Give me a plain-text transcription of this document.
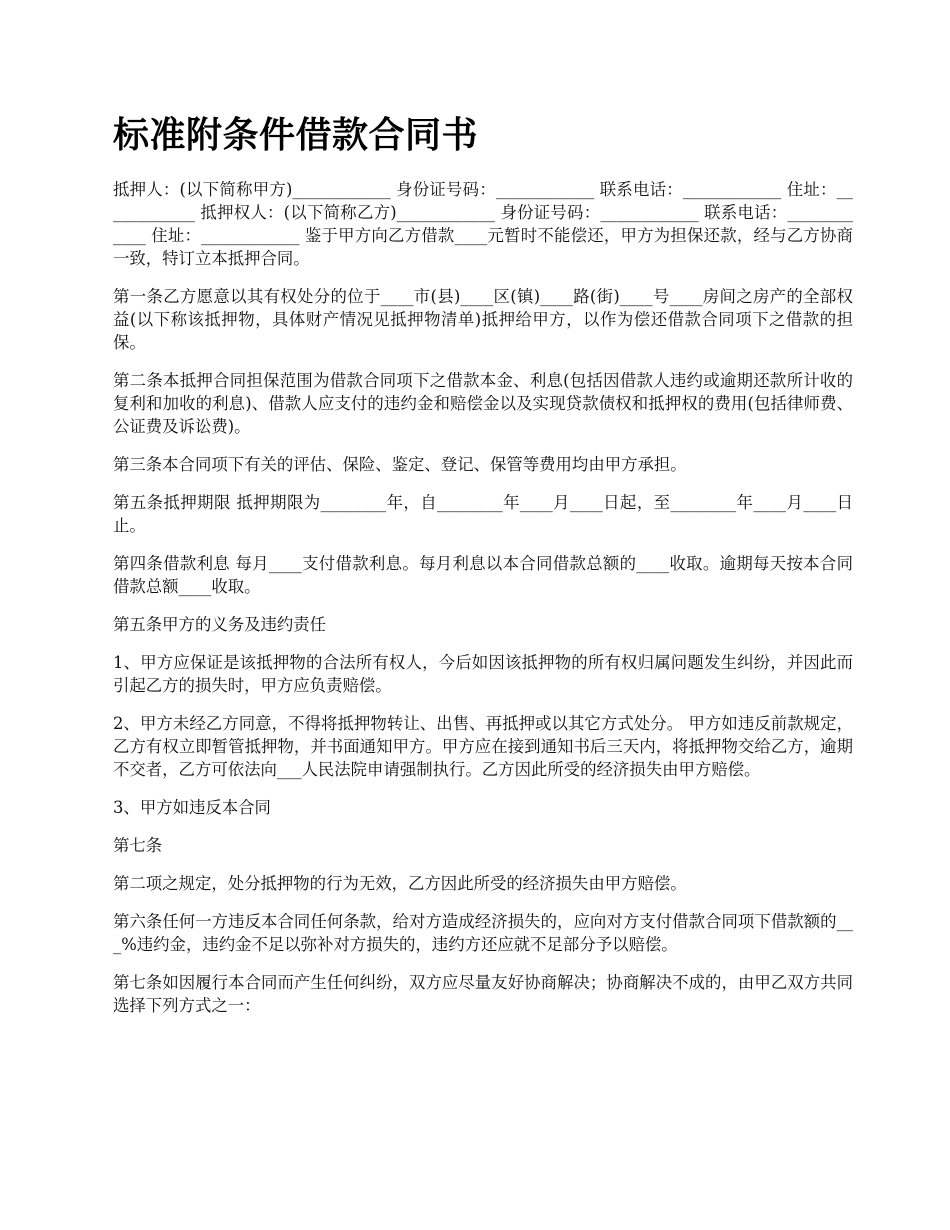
标准附条件借款合同书

抵押人：(以下简称甲方)____________ 身份证号码：____________ 联系电话：____________ 住址：____________ 抵押权人：(以下简称乙方)____________ 身份证号码：____________ 联系电话：____________ 住址：____________ 鉴于甲方向乙方借款____元暂时不能偿还，甲方为担保还款，经与乙方协商一致，特订立本抵押合同。

第一条乙方愿意以其有权处分的位于____市(县)____区(镇)____路(街)____号____房间之房产的全部权益(以下称该抵押物，具体财产情况见抵押物清单)抵押给甲方，以作为偿还借款合同项下之借款的担保。

第二条本抵押合同担保范围为借款合同项下之借款本金、利息(包括因借款人违约或逾期还款所计收的复利和加收的利息)、借款人应支付的违约金和赔偿金以及实现贷款债权和抵押权的费用(包括律师费、公证费及诉讼费)。

第三条本合同项下有关的评估、保险、鉴定、登记、保管等费用均由甲方承担。

第五条抵押期限 抵押期限为________年，自________年____月____日起，至________年____月____日止。

第四条借款利息 每月____支付借款利息。每月利息以本合同借款总额的____收取。逾期每天按本合同借款总额____收取。

第五条甲方的义务及违约责任

1、甲方应保证是该抵押物的合法所有权人，今后如因该抵押物的所有权归属问题发生纠纷，并因此而引起乙方的损失时，甲方应负责赔偿。

2、甲方未经乙方同意，不得将抵押物转让、出售、再抵押或以其它方式处分。 甲方如违反前款规定，乙方有权立即暂管抵押物，并书面通知甲方。甲方应在接到通知书后三天内，将抵押物交给乙方，逾期不交者，乙方可依法向___人民法院申请强制执行。乙方因此所受的经济损失由甲方赔偿。

3、甲方如违反本合同

第七条

第二项之规定，处分抵押物的行为无效，乙方因此所受的经济损失由甲方赔偿。

第六条任何一方违反本合同任何条款，给对方造成经济损失的，应向对方支付借款合同项下借款额的___%违约金，违约金不足以弥补对方损失的，违约方还应就不足部分予以赔偿。

第七条如因履行本合同而产生任何纠纷，双方应尽量友好协商解决；协商解决不成的，由甲乙双方共同选择下列方式之一：
